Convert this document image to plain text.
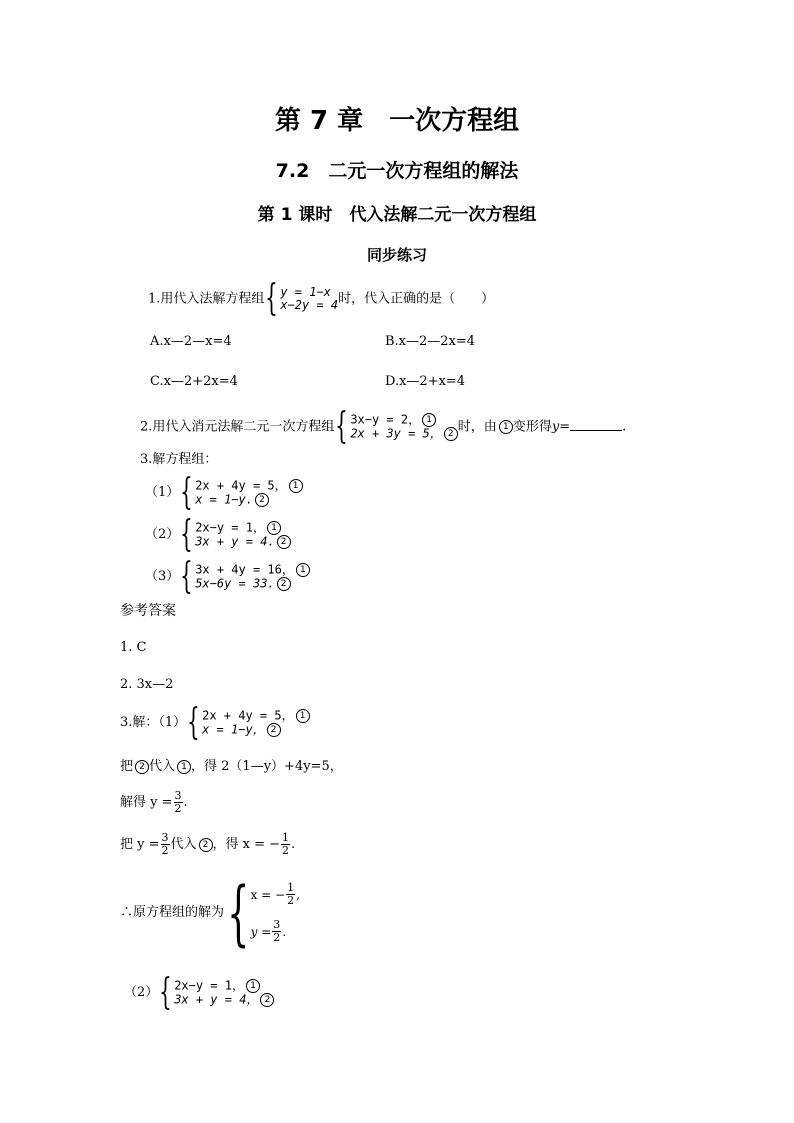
第 7 章　一次方程组
7.2　二元一次方程组的解法
第 1 课时　代入法解二元一次方程组
同步练习
1.用代入法解方程组 { y = 1−x
x−2y = 4 时，代入正确的是（　　）
A.x—2—x=4	B.x—2—2x=4
C.x—2+2x=4	D.x—2+x=4
2.用代入消元法解二元一次方程组 { 3x−y = 2， 1
2x + 3y = 5， 2 时，由 1 变形得y=	.
3.解方程组：
（1） { 2x + 4y = 5， 1
x = 1−y. 2
（2） { 2x−y = 1， 1
3x + y = 4. 2
（3） { 3x + 4y = 16， 1
5x−6y = 33. 2
参考答案
1. C
2. 3x—2
3.解：（1） { 2x + 4y = 5， 1
x = 1−y， 2
把 2 代入 1 ，得 2（1—y）+4y=5，
解得 $y = \frac{3}{2}$ .
把 $y = \frac{3}{2}$ 代入 2 ，得 x = − $\frac{1}{2}$ .
∴原方程组的解为 { x = − $\frac{1}{2}$ ,
$y = \frac{3}{2}$ .
（2） { 2x−y = 1， 1
3x + y = 4， 2
